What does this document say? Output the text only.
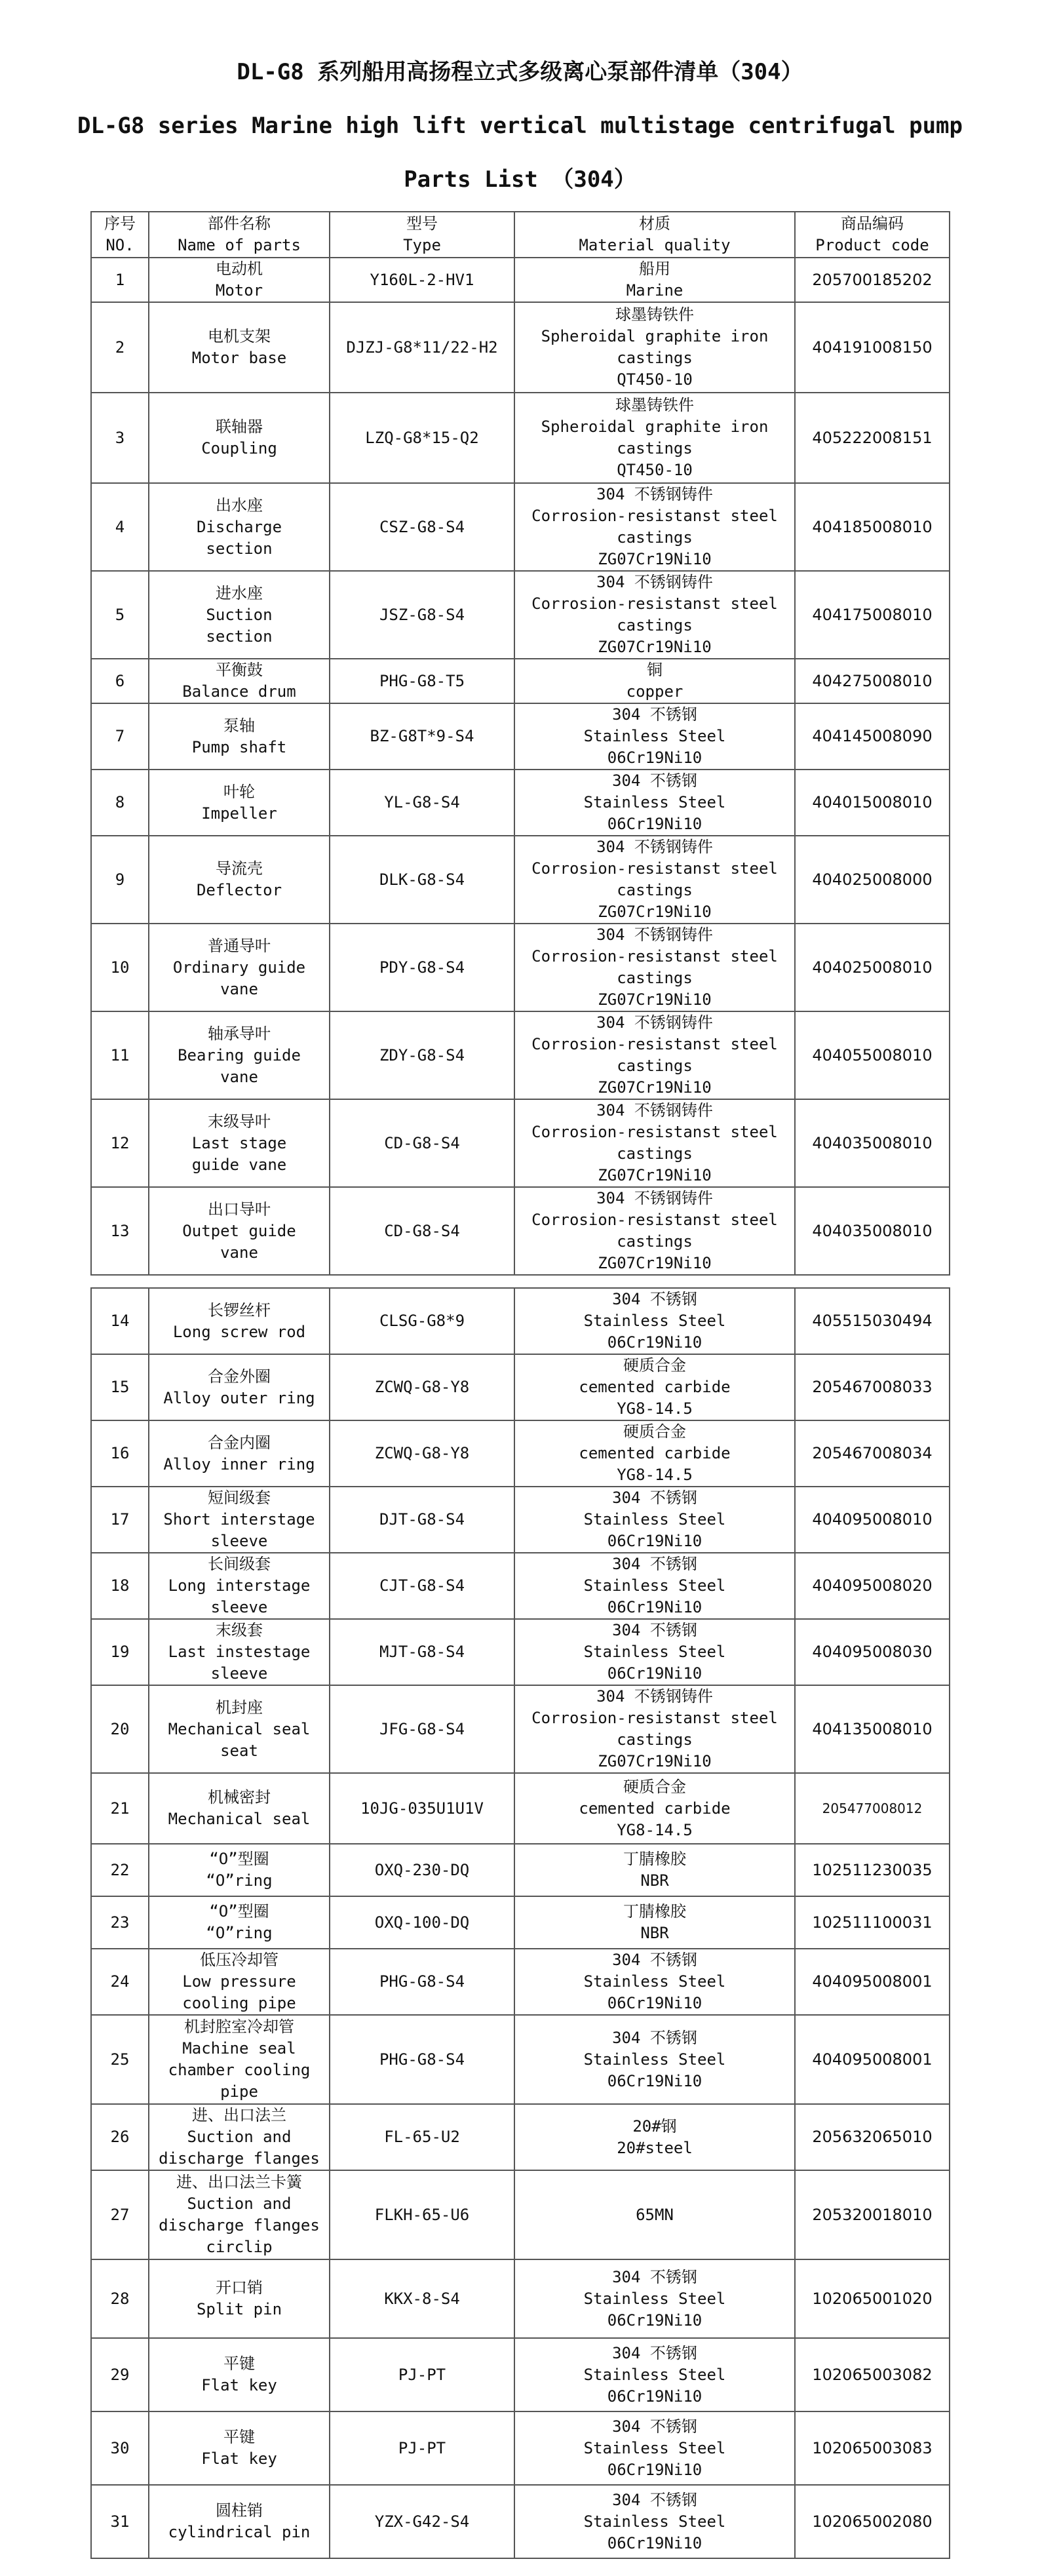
DL-G8 系列船用高扬程立式多级离心泵部件清单（304）
DL-G8 series Marine high lift vertical multistage centrifugal pump
Parts List （304）
序号
NO.	部件名称
Name of parts	型号
Type	材质
Material quality	商品编码
Product code

1	电动机
Motor	Y160L-2-HV1	船用
Marine	205700185202
2	电机支架
Motor base	DJZJ-G8*11/22-H2	球墨铸铁件
Spheroidal graphite iron
castings
QT450-10	404191008150
3	联轴器
Coupling	LZQ-G8*15-Q2	球墨铸铁件
Spheroidal graphite iron
castings
QT450-10	405222008151
4	出水座
Discharge
section	CSZ-G8-S4	304 不锈钢铸件
Corrosion-resistanst steel
castings
ZG07Cr19Ni10	404185008010
5	进水座
Suction
section	JSZ-G8-S4	304 不锈钢铸件
Corrosion-resistanst steel
castings
ZG07Cr19Ni10	404175008010
6	平衡鼓
Balance drum	PHG-G8-T5	铜
copper	404275008010
7	泵轴
Pump shaft	BZ-G8T*9-S4	304 不锈钢
Stainless Steel
06Cr19Ni10	404145008090
8	叶轮
Impeller	YL-G8-S4	304 不锈钢
Stainless Steel
06Cr19Ni10	404015008010
9	导流壳
Deflector	DLK-G8-S4	304 不锈钢铸件
Corrosion-resistanst steel
castings
ZG07Cr19Ni10	404025008000
10	普通导叶
Ordinary guide
vane	PDY-G8-S4	304 不锈钢铸件
Corrosion-resistanst steel
castings
ZG07Cr19Ni10	404025008010
11	轴承导叶
Bearing guide
vane	ZDY-G8-S4	304 不锈钢铸件
Corrosion-resistanst steel
castings
ZG07Cr19Ni10	404055008010
12	末级导叶
Last stage
guide vane	CD-G8-S4	304 不锈钢铸件
Corrosion-resistanst steel
castings
ZG07Cr19Ni10	404035008010
13	出口导叶
Outpet guide
vane	CD-G8-S4	304 不锈钢铸件
Corrosion-resistanst steel
castings
ZG07Cr19Ni10	404035008010
14	长锣丝杆
Long screw rod	CLSG-G8*9	304 不锈钢
Stainless Steel
06Cr19Ni10	405515030494
15	合金外圈
Alloy outer ring	ZCWQ-G8-Y8	硬质合金
cemented carbide
YG8-14.5	205467008033
16	合金内圈
Alloy inner ring	ZCWQ-G8-Y8	硬质合金
cemented carbide
YG8-14.5	205467008034
17	短间级套
Short interstage
sleeve	DJT-G8-S4	304 不锈钢
Stainless Steel
06Cr19Ni10	404095008010
18	长间级套
Long interstage
sleeve	CJT-G8-S4	304 不锈钢
Stainless Steel
06Cr19Ni10	404095008020
19	末级套
Last instestage
sleeve	MJT-G8-S4	304 不锈钢
Stainless Steel
06Cr19Ni10	404095008030
20	机封座
Mechanical seal
seat	JFG-G8-S4	304 不锈钢铸件
Corrosion-resistanst steel
castings
ZG07Cr19Ni10	404135008010
21	机械密封
Mechanical seal	10JG-035U1U1V	硬质合金
cemented carbide
YG8-14.5	205477008012
22	“O”型圈
“O”ring	OXQ-230-DQ	丁腈橡胶
NBR	102511230035
23	“O”型圈
“O”ring	OXQ-100-DQ	丁腈橡胶
NBR	102511100031
24	低压冷却管
Low pressure
cooling pipe	PHG-G8-S4	304 不锈钢
Stainless Steel
06Cr19Ni10	404095008001
25	机封腔室冷却管
Machine seal
chamber cooling
pipe	PHG-G8-S4	304 不锈钢
Stainless Steel
06Cr19Ni10	404095008001
26	进、出口法兰
Suction and
discharge flanges	FL-65-U2	20#钢
20#steel	205632065010
27	进、出口法兰卡簧
Suction and
discharge flanges
circlip	FLKH-65-U6	65MN	205320018010
28	开口销
Split pin	KKX-8-S4	304 不锈钢
Stainless Steel
06Cr19Ni10	102065001020
29	平键
Flat key	PJ-PT	304 不锈钢
Stainless Steel
06Cr19Ni10	102065003082
30	平键
Flat key	PJ-PT	304 不锈钢
Stainless Steel
06Cr19Ni10	102065003083
31	圆柱销
cylindrical pin	YZX-G42-S4	304 不锈钢
Stainless Steel
06Cr19Ni10	102065002080
